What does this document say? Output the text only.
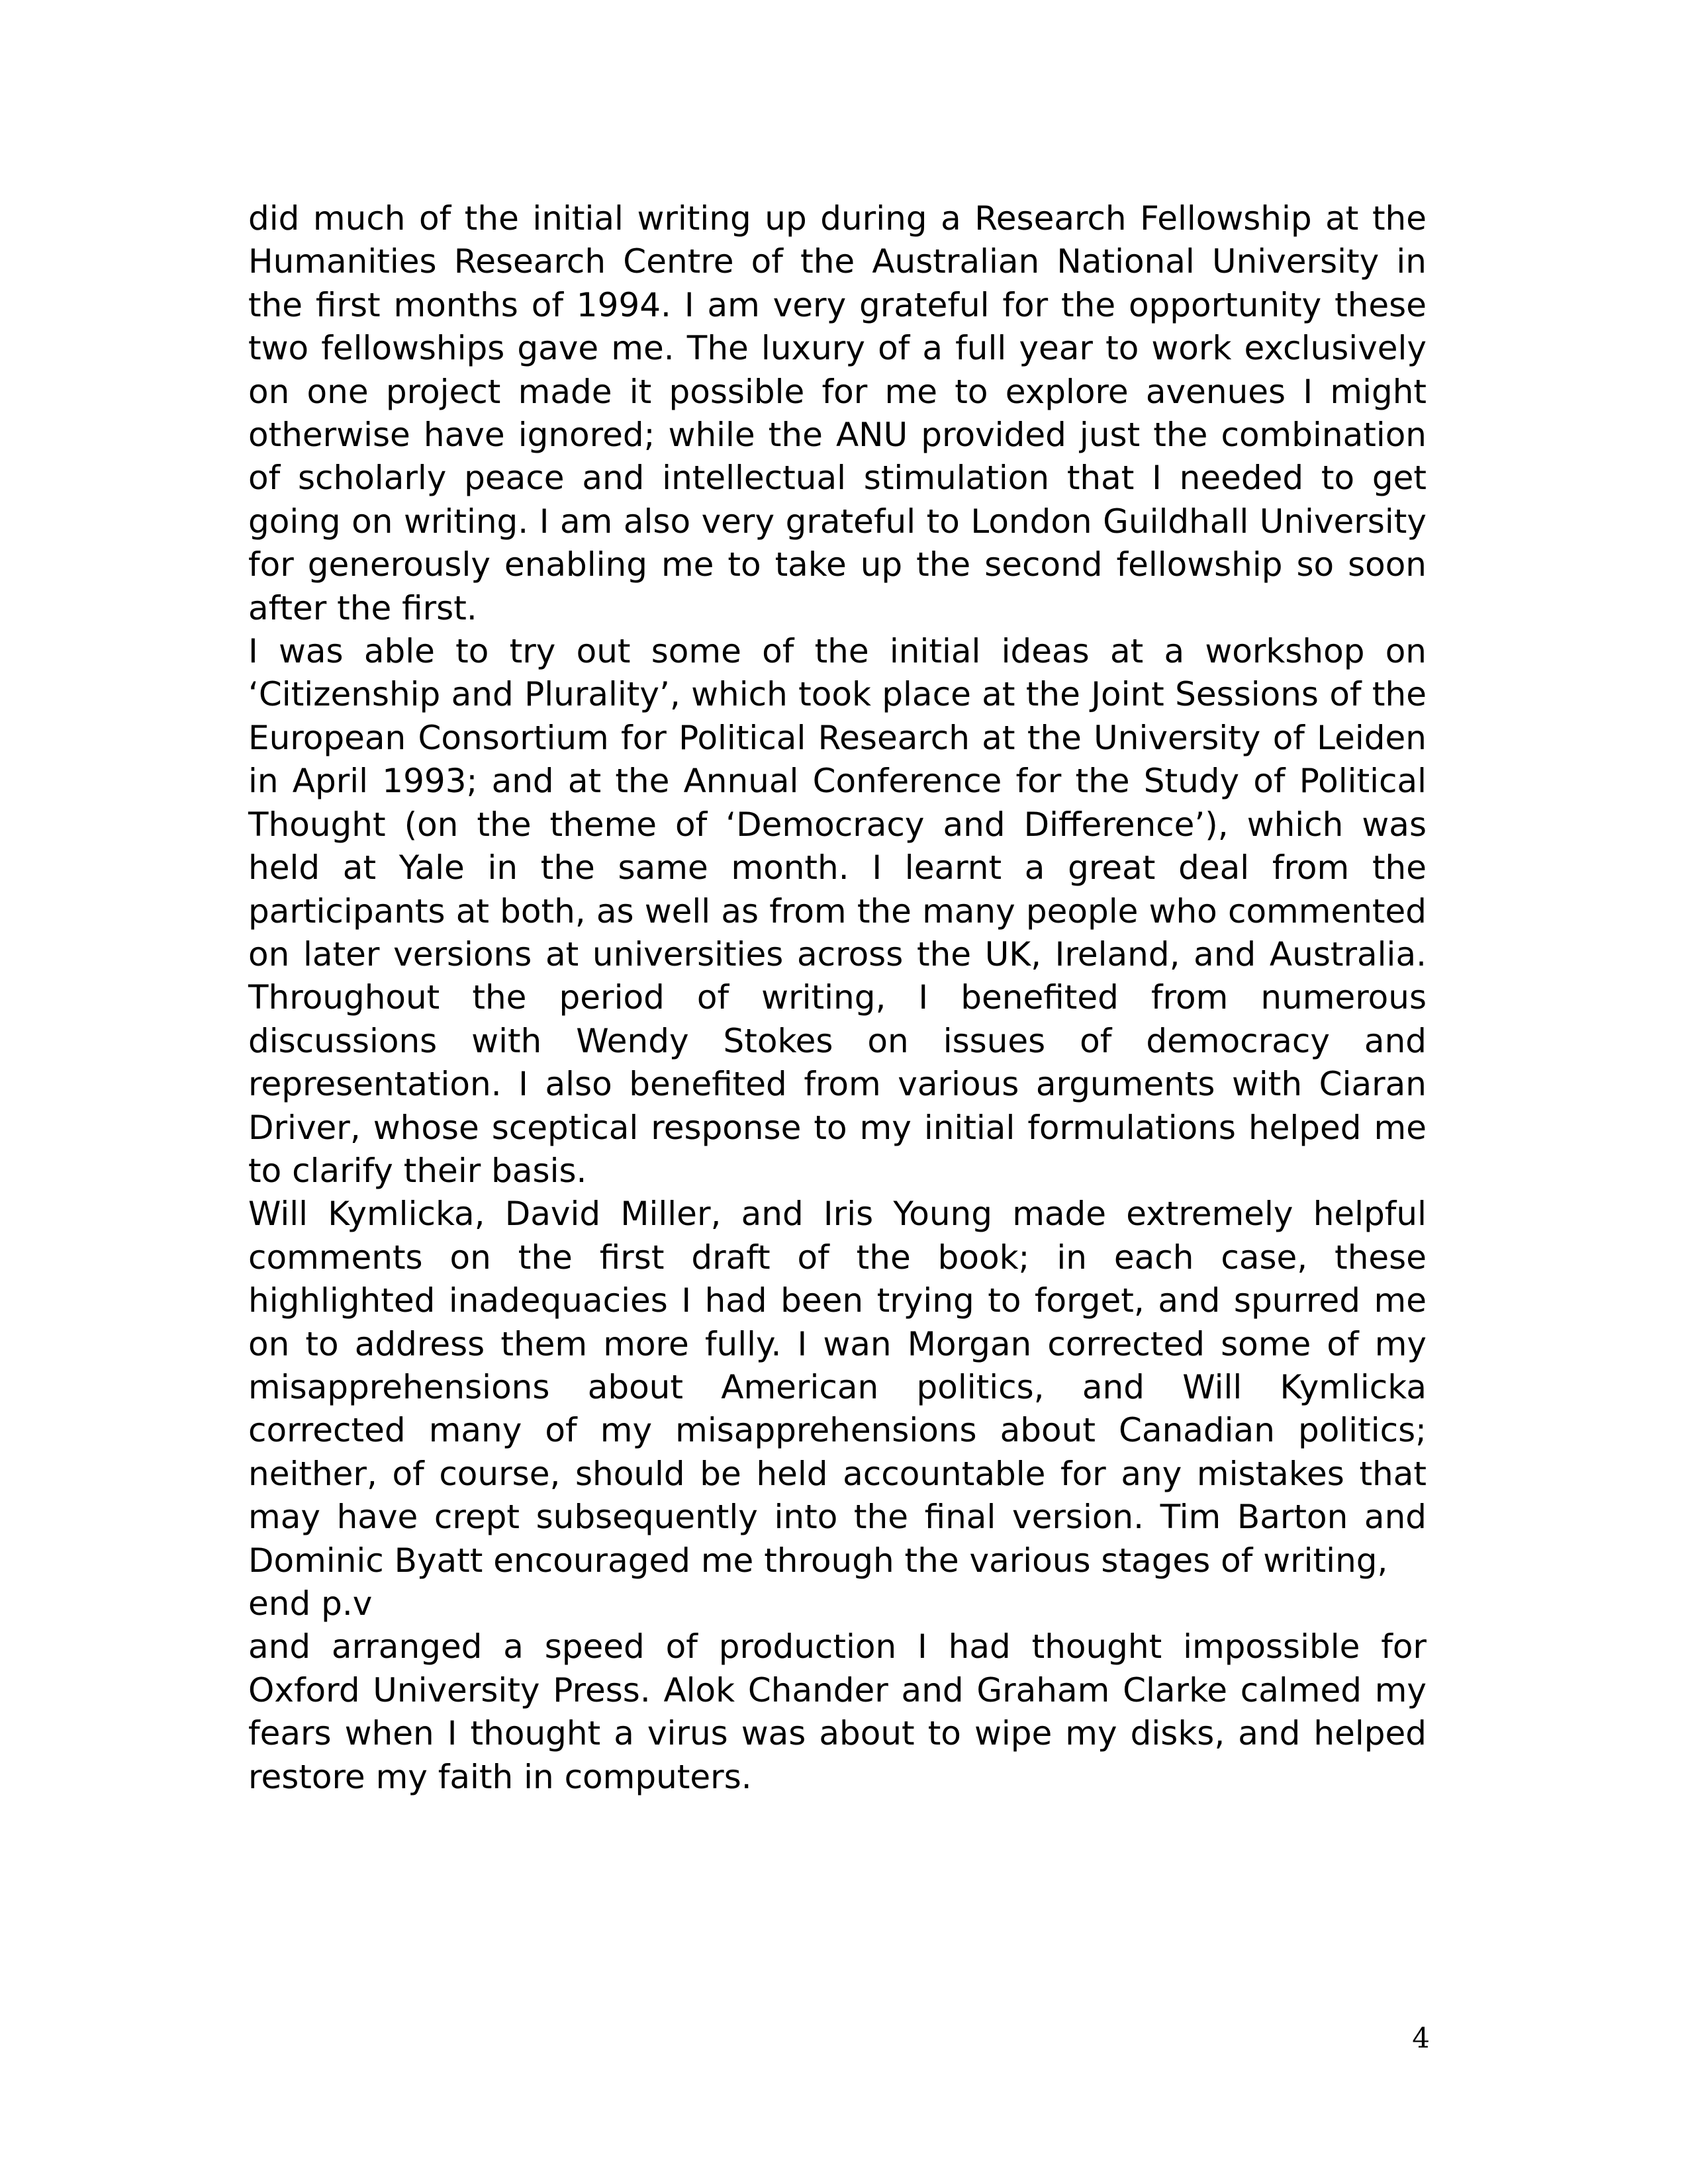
did much of the initial writing up during a Research Fellowship at the Humanities Research Centre of the Australian National University in the first months of 1994. I am very grateful for the opportunity these two fellowships gave me. The luxury of a full year to work exclusively on one project made it possible for me to explore avenues I might otherwise have ignored; while the ANU provided just the combination of scholarly peace and intellectual stimulation that I needed to get going on writing. I am also very grateful to London Guildhall University for generously enabling me to take up the second fellowship so soon after the first.

I was able to try out some of the initial ideas at a workshop on ‘Citizenship and Plurality’, which took place at the Joint Sessions of the European Consortium for Political Research at the University of Leiden in April 1993; and at the Annual Conference for the Study of Political Thought (on the theme of ‘Democracy and Difference’), which was held at Yale in the same month. I learnt a great deal from the participants at both, as well as from the many people who commented on later versions at universities across the UK, Ireland, and Australia. Throughout the period of writing, I benefited from numerous discussions with Wendy Stokes on issues of democracy and representation. I also benefited from various arguments with Ciaran Driver, whose sceptical response to my initial formulations helped me to clarify their basis.

Will Kymlicka, David Miller, and Iris Young made extremely helpful comments on the first draft of the book; in each case, these highlighted inadequacies I had been trying to forget, and spurred me on to address them more fully. I wan Morgan corrected some of my misapprehensions about American politics, and Will Kymlicka corrected many of my misapprehensions about Canadian politics; neither, of course, should be held accountable for any mistakes that may have crept subsequently into the final version. Tim Barton and Dominic Byatt encouraged me through the various stages of writing,

end p.v

and arranged a speed of production I had thought impossible for Oxford University Press. Alok Chander and Graham Clarke calmed my fears when I thought a virus was about to wipe my disks, and helped restore my faith in computers.

4
